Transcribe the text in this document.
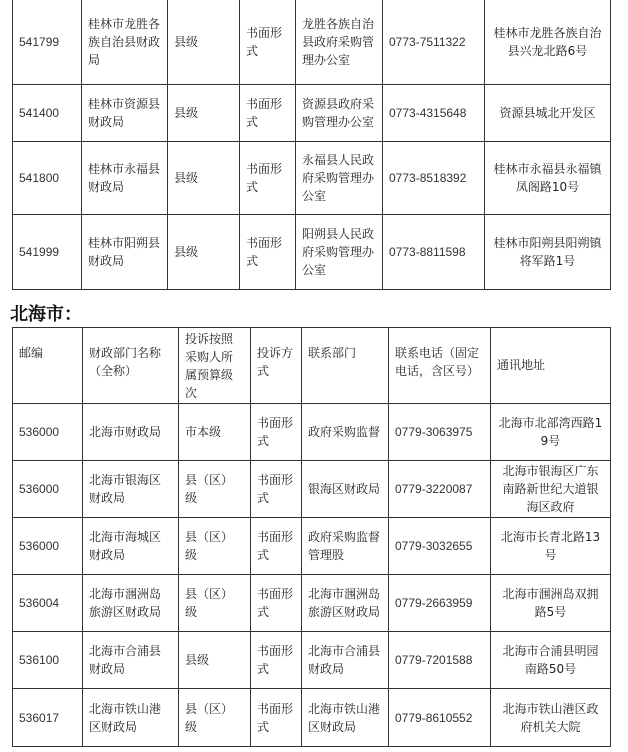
541799	桂林市龙胜各族自治县财政局	县级	书面形式	龙胜各族自治县政府采购管理办公室	0773-7511322	桂林市龙胜各族自治县兴龙北路6号
541400	桂林市资源县财政局	县级	书面形式	资源县政府采购管理办公室	0773-4315648	资源县城北开发区
541800	桂林市永福县财政局	县级	书面形式	永福县人民政府采购管理办公室	0773-8518392	桂林市永福县永福镇凤阁路10号
541999	桂林市阳朔县财政局	县级	书面形式	阳朔县人民政府采购管理办公室	0773-8811598	桂林市阳朔县阳朔镇将军路1号
北海市：
邮编	财政部门名称（全称）	投诉按照采购人所属预算级次	投诉方式	联系部门	联系电话（固定电话，含区号）	通讯地址
536000	北海市财政局	市本级	书面形式	政府采购监督	0779-3063975	北海市北部湾西路19号
536000	北海市银海区财政局	县（区）级	书面形式	银海区财政局	0779-3220087	北海市银海区广东南路新世纪大道银海区政府
536000	北海市海城区财政局	县（区）级	书面形式	政府采购监督管理股	0779-3032655	北海市长青北路13号
536004	北海市涠洲岛旅游区财政局	县（区）级	书面形式	北海市涠洲岛旅游区财政局	0779-2663959	北海市涠洲岛双拥路5号
536100	北海市合浦县财政局	县级	书面形式	北海市合浦县财政局	0779-7201588	北海市合浦县明园南路50号
536017	北海市铁山港区财政局	县（区）级	书面形式	北海市铁山港区财政局	0779-8610552	北海市铁山港区政府机关大院
